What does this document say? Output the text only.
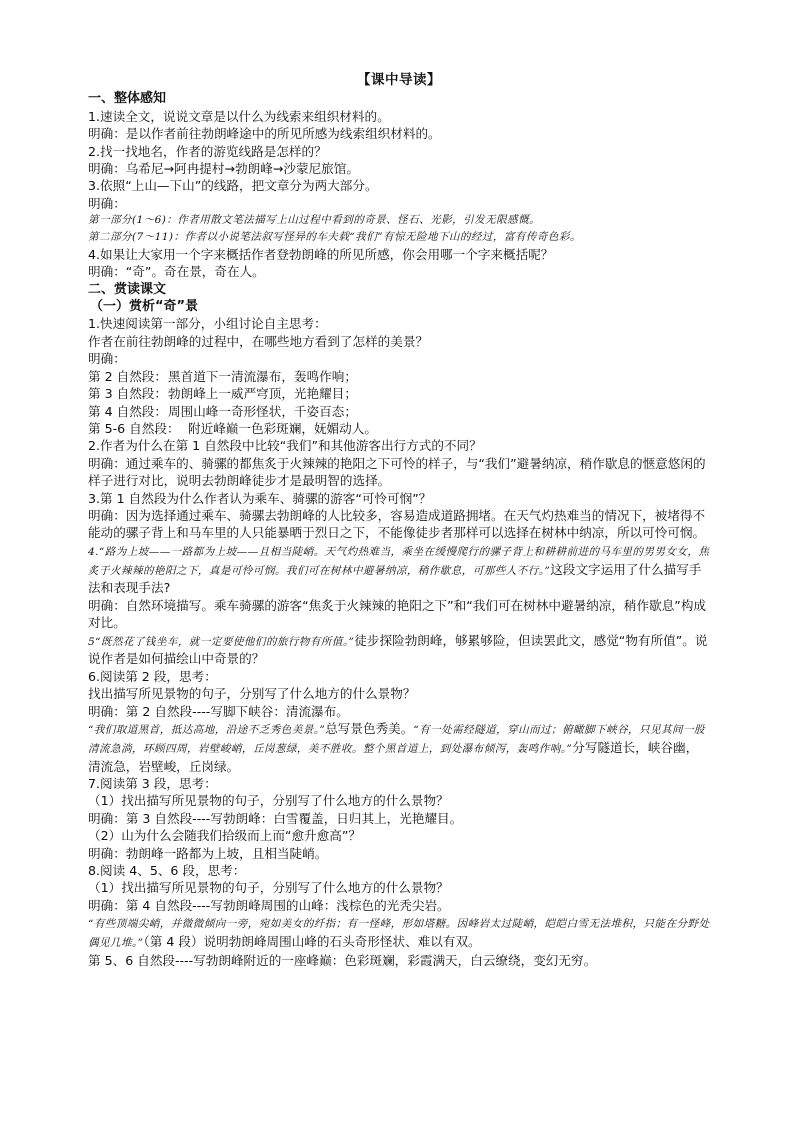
【课中导读】
一、整体感知

1.速读全文，说说文章是以什么为线索来组织材料的。

明确：是以作者前往勃朗峰途中的所见所感为线索组织材料的。

2.找一找地名，作者的游览线路是怎样的？

明确：乌希尼→阿冉提村→勃朗峰→沙蒙尼旅馆。

3.依照“上山—下山”的线路，把文章分为两大部分。

明确：

第一部分(1～6)：作者用散文笔法描写上山过程中看到的奇景、怪石、光影，引发无限感慨。

第二部分(7～11)：作者以小说笔法叙写怪异的车夫载“我们”有惊无险地下山的经过，富有传奇色彩。

4.如果让大家用一个字来概括作者登勃朗峰的所见所感，你会用哪一个字来概括呢？

明确：“奇”。奇在景，奇在人。

二、赏读课文
（一）赏析“奇”景

1.快速阅读第一部分，小组讨论自主思考：

作者在前往勃朗峰的过程中，在哪些地方看到了怎样的美景？

明确：

第 2 自然段：黑首道下一清流瀑布，轰鸣作响；

第 3 自然段：勃朗峰上一威严穹顶，光艳耀目；

第 4 自然段：周围山峰一奇形怪状，千姿百态；

第 5-6 自然段： 附近峰巅一色彩斑斓，妩媚动人。

2.作者为什么在第 1 自然段中比较“我们”和其他游客出行方式的不同？

明确：通过乘车的、骑骡的都焦炙于火辣辣的艳阳之下可怜的样子，与“我们”避暑纳凉，稍作歇息的惬意悠闲的样子进行对比，说明去勃朗峰徒步才是最明智的选择。

3.第 1 自然段为什么作者认为乘车、骑骡的游客“可怜可悯”？

明确：因为选择通过乘车、骑骡去勃朗峰的人比较多，容易造成道路拥堵。在天气灼热难当的情况下，被堵得不能动的骡子背上和马车里的人只能暴晒于烈日之下，不能像徒步者那样可以选择在树林中纳凉，所以可怜可悯。

4.“路为上坡——一路都为上坡——且相当陡峭。天气灼热难当，乘坐在缓慢爬行的骡子背上和耕耕前进的马车里的男男女女，焦炙于火辣辣的艳阳之下，真是可怜可悯。我们可在树林中避暑纳凉，稍作歇息，可那些人不行。”这段文字运用了什么描写手法和表现手法?

明确：自然环境描写。乘车骑骡的游客“焦炙于火辣辣的艳阳之下”和“我们可在树林中避暑纳凉，稍作歇息”构成对比。

5“既然花了钱坐车，就一定要使他们的旅行物有所值。”徒步探险勃朗峰，够累够险，但读罢此文，感觉“物有所值”。说说作者是如何描绘山中奇景的？

6.阅读第 2 段，思考：

找出描写所见景物的句子，分别写了什么地方的什么景物？

明确：第 2 自然段----写脚下峡谷：清流瀑布。

“我们取道黑首，抵达高地，沿途不乏秀色美景。”总写景色秀美。“有一处需经隧道，穿山而过；俯瞰脚下峡谷，只见其间一股清流急淌，环顾四周，岩壁峻峭，丘岗葱绿，美不胜收。整个黑首道上，到处瀑布倾泻，轰鸣作响。”分写隧道长，峡谷幽，清流急，岩壁峻，丘岗绿。

7.阅读第 3 段，思考：

（1）找出描写所见景物的句子，分别写了什么地方的什么景物？

明确：第 3 自然段----写勃朗峰：白雪覆盖，日归其上，光艳耀目。

（2）山为什么会随我们拾级而上而“愈升愈高”？

明确：勃朗峰一路都为上坡，且相当陡峭。

8.阅读 4、5、6 段，思考：

（1）找出描写所见景物的句子，分别写了什么地方的什么景物？

明确：第 4 自然段----写勃朗峰周围的山峰：浅棕色的光秃尖岩。

“有些顶端尖峭，并微微倾向一旁，宛如美女的纤指；有一怪峰，形如塔糖。因峰岩太过陡峭，皑皑白雪无法堆积，只能在分野处偶见几堆。”（第 4 段）说明勃朗峰周围山峰的石头奇形怪状、难以有双。

第 5、6 自然段----写勃朗峰附近的一座峰巅：色彩斑斓，彩霞满天，白云缭绕，变幻无穷。
